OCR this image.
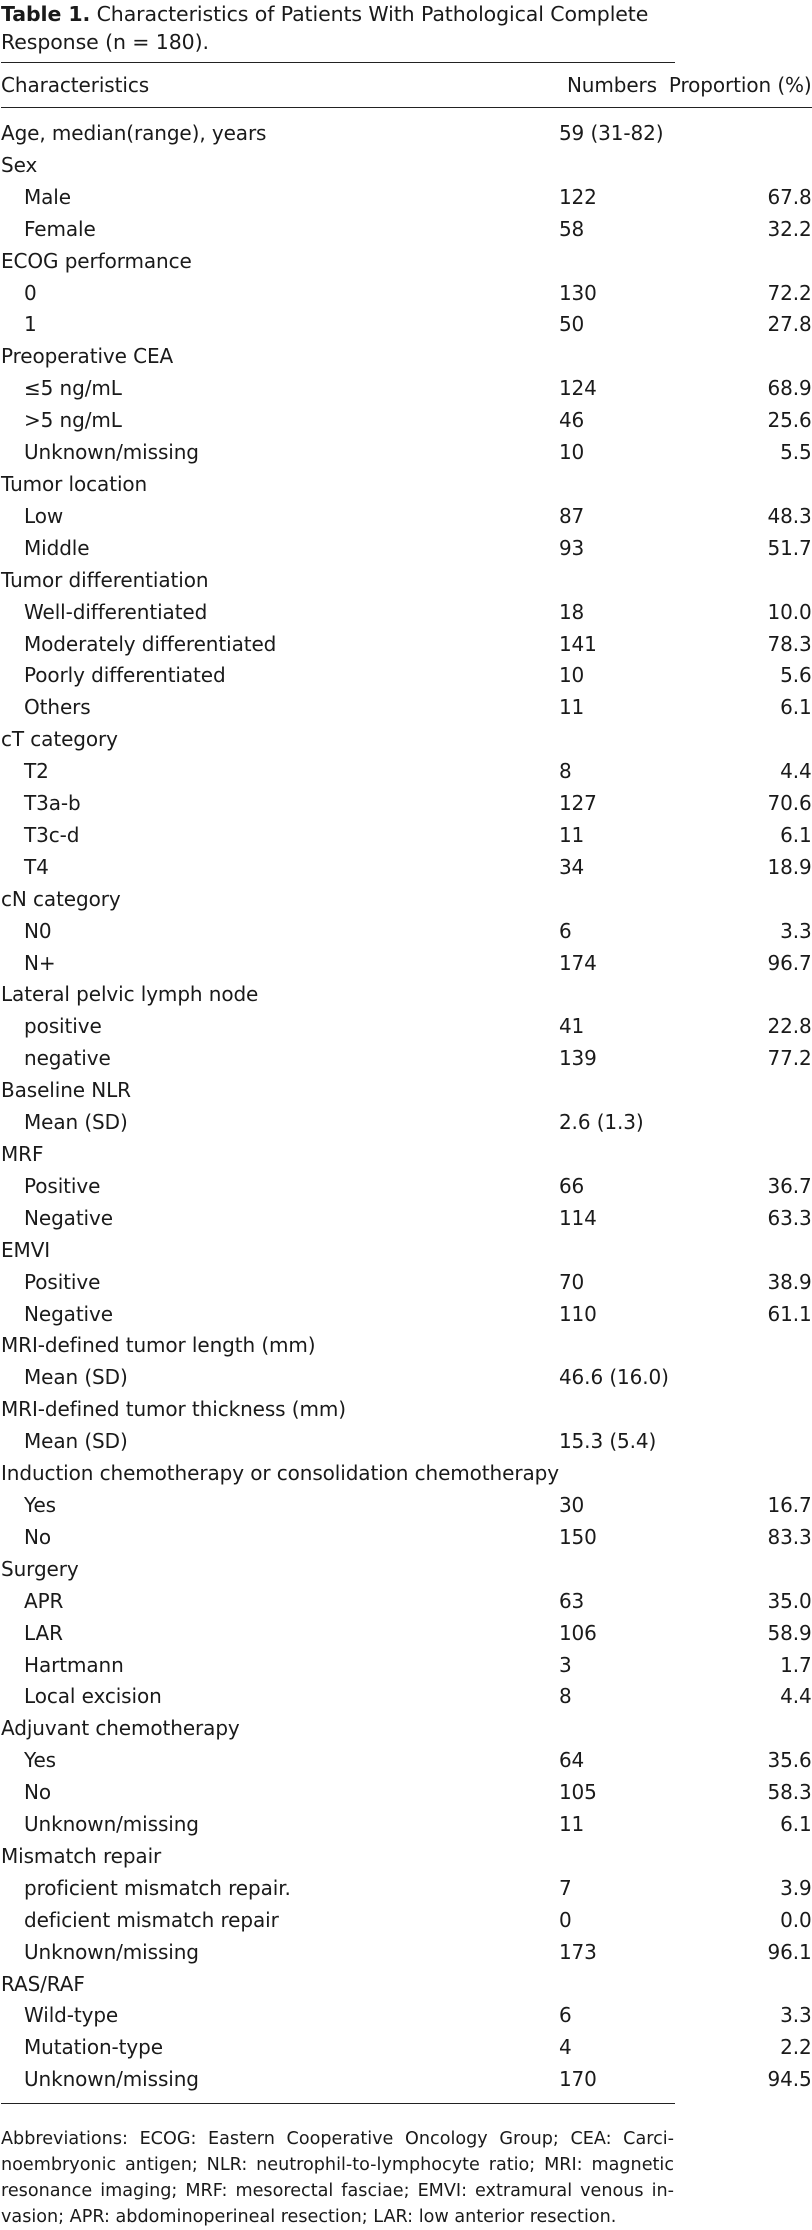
Table 1. Characteristics of Patients With Pathological Complete Response (n = 180).

Characteristics	Numbers	Proportion (%)

Age, median(range), years	59 (31-82)	
Sex		
Male	122	67.8
Female	58	32.2
ECOG performance		
0	130	72.2
1	50	27.8
Preoperative CEA		
≤5 ng/mL	124	68.9
>5 ng/mL	46	25.6
Unknown/missing	10	5.5
Tumor location		
Low	87	48.3
Middle	93	51.7
Tumor differentiation		
Well-differentiated	18	10.0
Moderately differentiated	141	78.3
Poorly differentiated	10	5.6
Others	11	6.1
cT category		
T2	8	4.4
T3a-b	127	70.6
T3c-d	11	6.1
T4	34	18.9
cN category		
N0	6	3.3
N+	174	96.7
Lateral pelvic lymph node		
positive	41	22.8
negative	139	77.2
Baseline NLR		
Mean (SD)	2.6 (1.3)	
MRF		
Positive	66	36.7
Negative	114	63.3
EMVI		
Positive	70	38.9
Negative	110	61.1
MRI-defined tumor length (mm)		
Mean (SD)	46.6 (16.0)	
MRI-defined tumor thickness (mm)		
Mean (SD)	15.3 (5.4)	
Induction chemotherapy or consolidation chemotherapy		
Yes	30	16.7
No	150	83.3
Surgery		
APR	63	35.0
LAR	106	58.9
Hartmann	3	1.7
Local excision	8	4.4
Adjuvant chemotherapy		
Yes	64	35.6
No	105	58.3
Unknown/missing	11	6.1
Mismatch repair		
proficient mismatch repair.	7	3.9
deficient mismatch repair	0	0.0
Unknown/missing	173	96.1
RAS/RAF		
Wild-type	6	3.3
Mutation-type	4	2.2
Unknown/missing	170	94.5
Abbreviations: ECOG: Eastern Cooperative Oncology Group; CEA: Carci-noembryonic antigen; NLR: neutrophil-to-lymphocyte ratio; MRI: magnetic resonance imaging; MRF: mesorectal fasciae; EMVI: extramural venous in-vasion; APR: abdominoperineal resection; LAR: low anterior resection.
